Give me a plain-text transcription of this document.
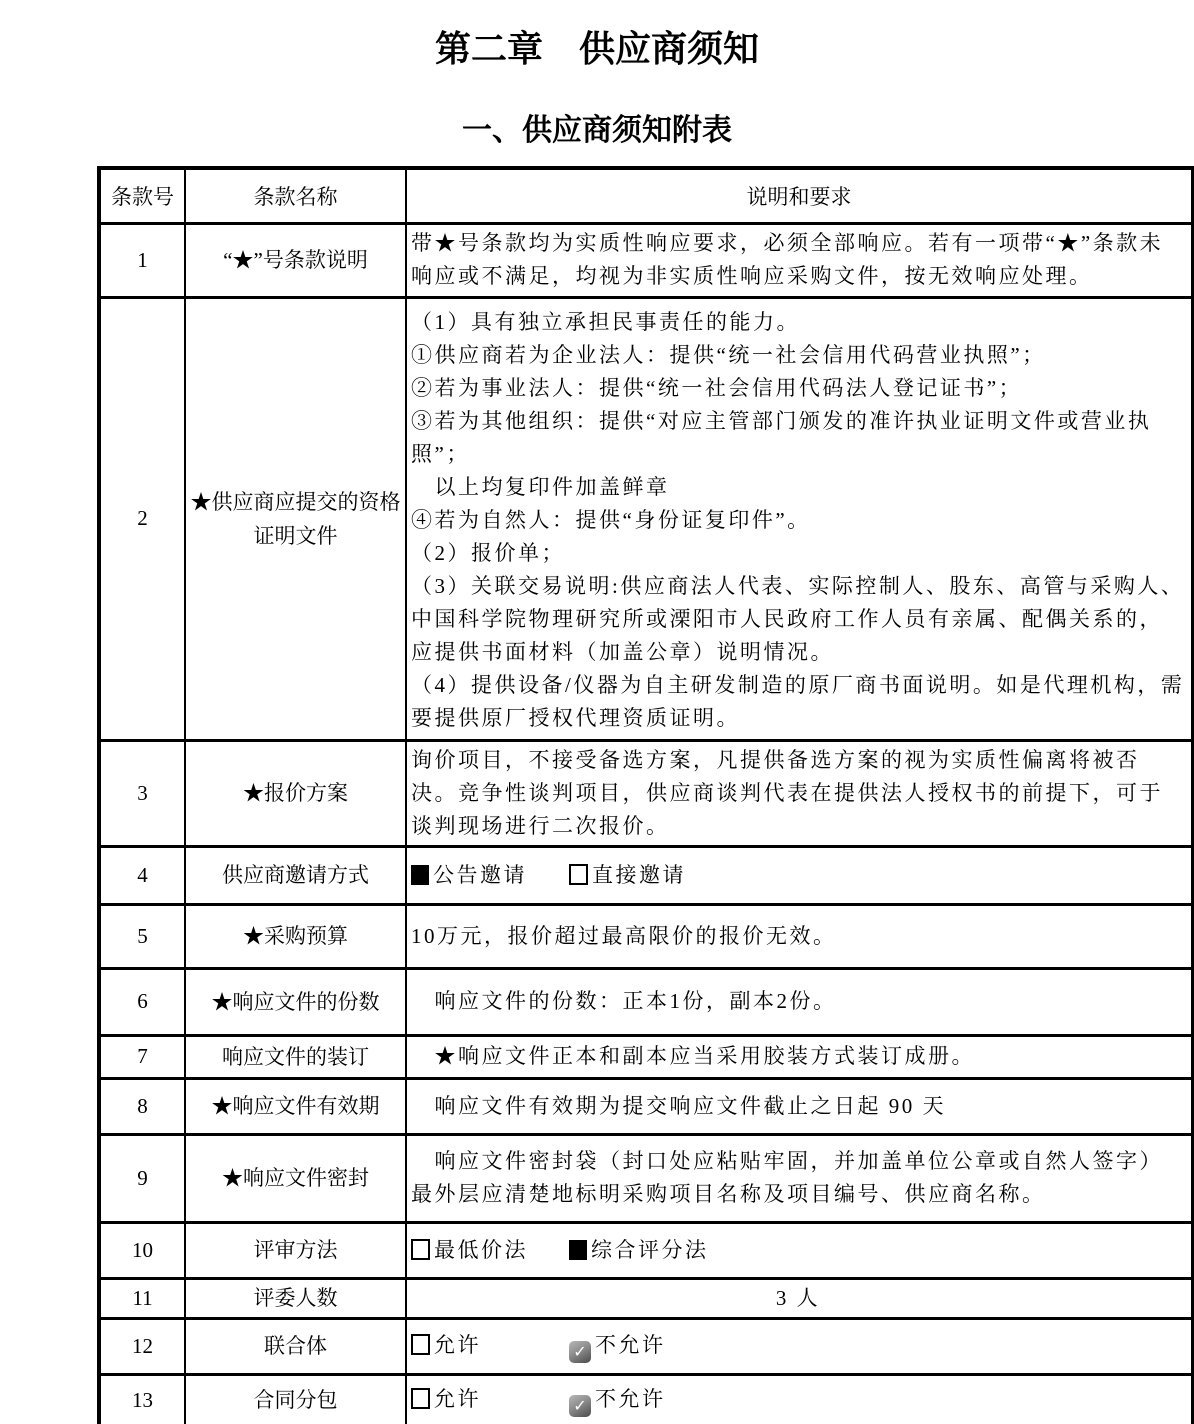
第二章　供应商须知
一、供应商须知附表
条款号	条款名称	说明和要求
1	“★”号条款说明	带★号条款均为实质性响应要求，必须全部响应。若有一项带“★”条款未响应或不满足，均视为非实质性响应采购文件，按无效响应处理。

2	★供应商应提交的资格证明文件	
（1）具有独立承担民事责任的能力。
①供应商若为企业法人：提供“统一社会信用代码营业执照”；
②若为事业法人：提供“统一社会信用代码法人登记证书”；
③若为其他组织：提供“对应主管部门颁发的准许执业证明文件或营业执照”；
　以上均复印件加盖鲜章
④若为自然人：提供“身份证复印件”。
（2）报价单；
（3）关联交易说明:供应商法人代表、实际控制人、股东、高管与采购人、中国科学院物理研究所或溧阳市人民政府工作人员有亲属、配偶关系的，应提供书面材料（加盖公章）说明情况。
（4）提供设备/仪器为自主研发制造的原厂商书面说明。如是代理机构，需要提供原厂授权代理资质证明。

3	★报价方案	询价项目，不接受备选方案，凡提供备选方案的视为实质性偏离将被否决。竞争性谈判项目，供应商谈判代表在提供法人授权书的前提下，可于谈判现场进行二次报价。

4	供应商邀请方式	公告邀请 直接邀请

5	★采购预算	10万元，报价超过最高限价的报价无效。

6	★响应文件的份数	　响应文件的份数：正本1份，副本2份。

7	响应文件的装订	　★响应文件正本和副本应当采用胶装方式装订成册。

8	★响应文件有效期	　响应文件有效期为提交响应文件截止之日起 90 天

9	★响应文件密封	　响应文件密封袋（封口处应粘贴牢固，并加盖单位公章或自然人签字）
最外层应清楚地标明采购项目名称及项目编号、供应商名称。

10	评审方法	最低价法 综合评分法

11	评委人数	3 人

12	联合体	允许 ✓ 不允许

13	合同分包	允许 ✓ 不允许
